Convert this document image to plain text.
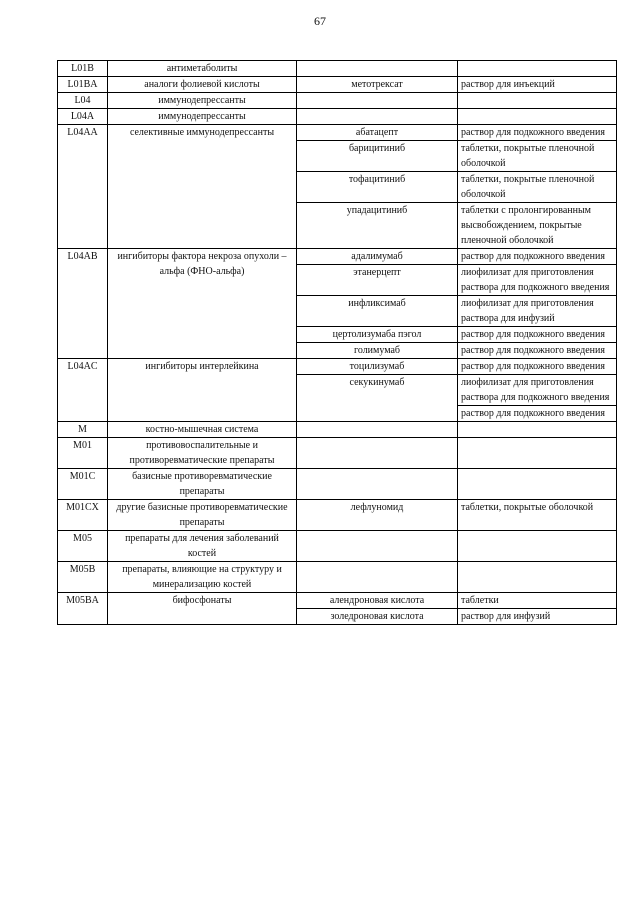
67
L01B	антиметаболиты		
L01BA	аналоги фолиевой кислоты	метотрексат	раствор для инъекций
L04	иммунодепрессанты		
L04A	иммунодепрессанты		
L04AA	селективные иммунодепрессанты	абатацепт	раствор для подкожного введения
		барицитиниб	таблетки, покрытые пленочной оболочкой
		тофацитиниб	таблетки, покрытые пленочной оболочкой
		упадацитиниб	таблетки с пролонгированным высвобождением, покрытые пленочной оболочкой
L04AB	ингибиторы фактора некроза опухоли – альфа (ФНО-альфа)	адалимумаб	раствор для подкожного введения
		этанерцепт	лиофилизат для приготовления раствора для подкожного введения
		инфликсимаб	лиофилизат для приготовления раствора для инфузий
		цертолизумаба пэгол	раствор для подкожного введения
		голимумаб	раствор для подкожного введения
L04AC	ингибиторы интерлейкина	тоцилизумаб	раствор для подкожного введения
		секукинумаб	лиофилизат для приготовления раствора для подкожного введения
			раствор для подкожного введения
M	костно-мышечная система		
M01	противовоспалительные и противоревматические препараты		
M01C	базисные противоревматические препараты		
M01CX	другие базисные противоревматические препараты	лефлуномид	таблетки, покрытые оболочкой
M05	препараты для лечения заболеваний костей		
M05B	препараты, влияющие на структуру и минерализацию костей		
M05BA	бифосфонаты	алендроновая кислота	таблетки
		золедроновая кислота	раствор для инфузий
